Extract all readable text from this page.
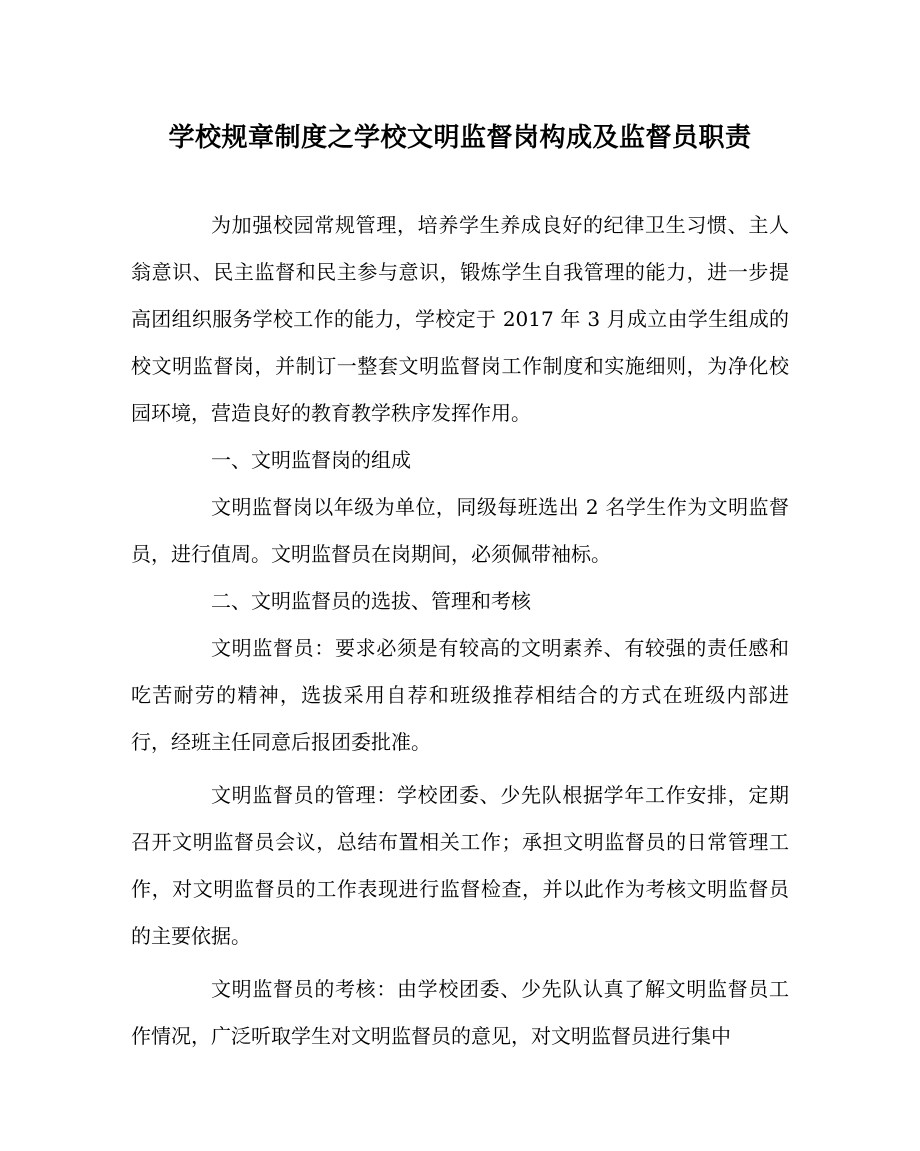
学校规章制度之学校文明监督岗构成及监督员职责

为加强校园常规管理，培养学生养成良好的纪律卫生习惯、主人翁意识、民主监督和民主参与意识，锻炼学生自我管理的能力，进一步提高团组织服务学校工作的能力，学校定于 2017 年 3 月成立由学生组成的校文明监督岗，并制订一整套文明监督岗工作制度和实施细则，为净化校园环境，营造良好的教育教学秩序发挥作用。

一、文明监督岗的组成

文明监督岗以年级为单位，同级每班选出 2 名学生作为文明监督员，进行值周。文明监督员在岗期间，必须佩带袖标。

二、文明监督员的选拔、管理和考核

文明监督员：要求必须是有较高的文明素养、有较强的责任感和吃苦耐劳的精神，选拔采用自荐和班级推荐相结合的方式在班级内部进行，经班主任同意后报团委批准。

文明监督员的管理：学校团委、少先队根据学年工作安排，定期召开文明监督员会议，总结布置相关工作；承担文明监督员的日常管理工作，对文明监督员的工作表现进行监督检查，并以此作为考核文明监督员的主要依据。

文明监督员的考核：由学校团委、少先队认真了解文明监督员工作情况，广泛听取学生对文明监督员的意见，对文明监督员进行集中
